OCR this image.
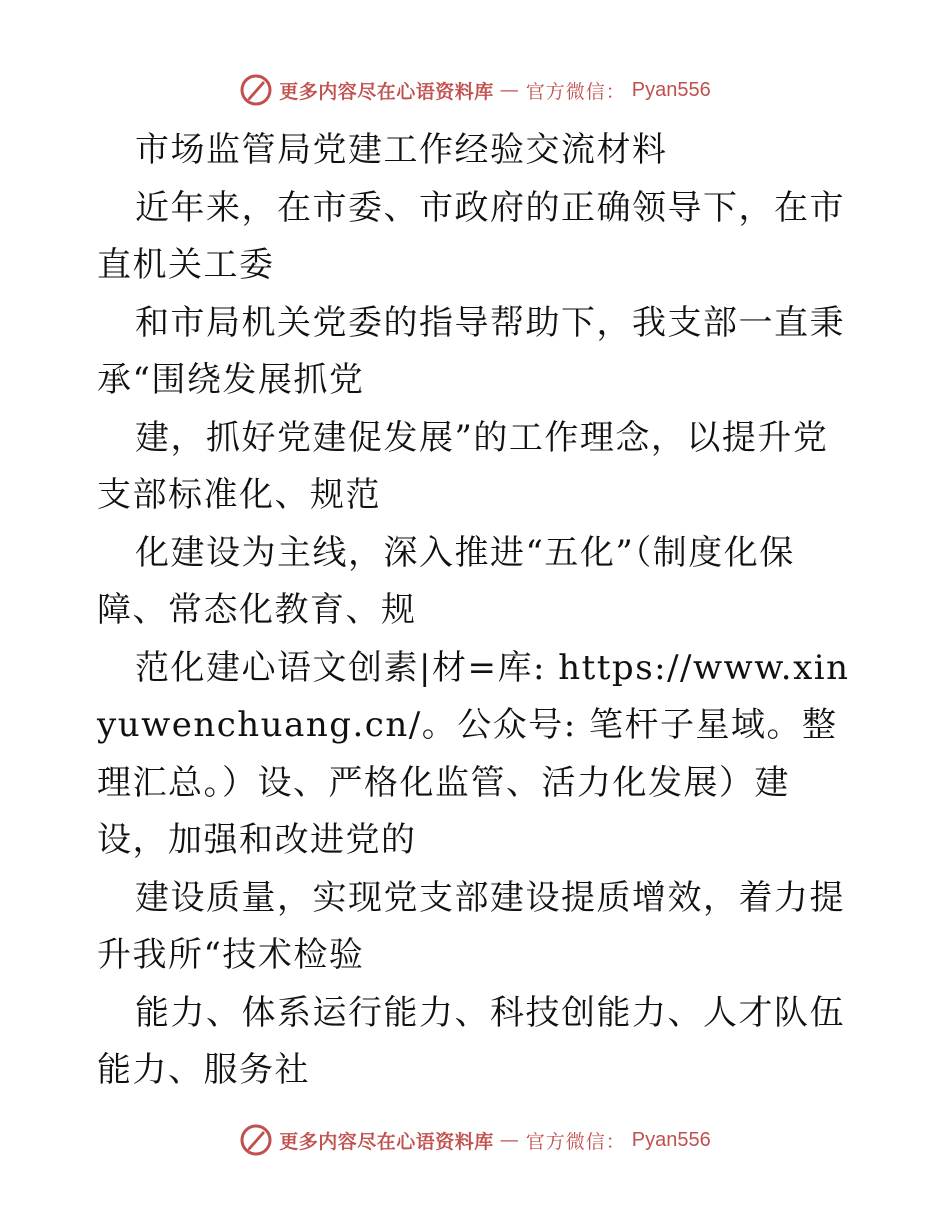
更多内容尽在心语资料库 — 官方微信： Pyan556

市场监管局党建工作经验交流材料

近年来，在市委、市政府的正确领导下，在市直机关工委

和市局机关党委的指导帮助下，我支部一直秉承“围绕发展抓党

建，抓好党建促发展”的工作理念，以提升党支部标准化、规范

化建设为主线，深入推进“五化”（制度化保障、常态化教育、规

范化建心语文创素|材=库: https://www.xinyuwenchuang.cn/。公众号: 笔杆子星域。整理汇总。）设、严格化监管、活力化发展）建设，加强和改进党的

建设质量，实现党支部建设提质增效，着力提升我所“技术检验

能力、体系运行能力、科技创能力、人才队伍能力、服务社

更多内容尽在心语资料库 — 官方微信： Pyan556
